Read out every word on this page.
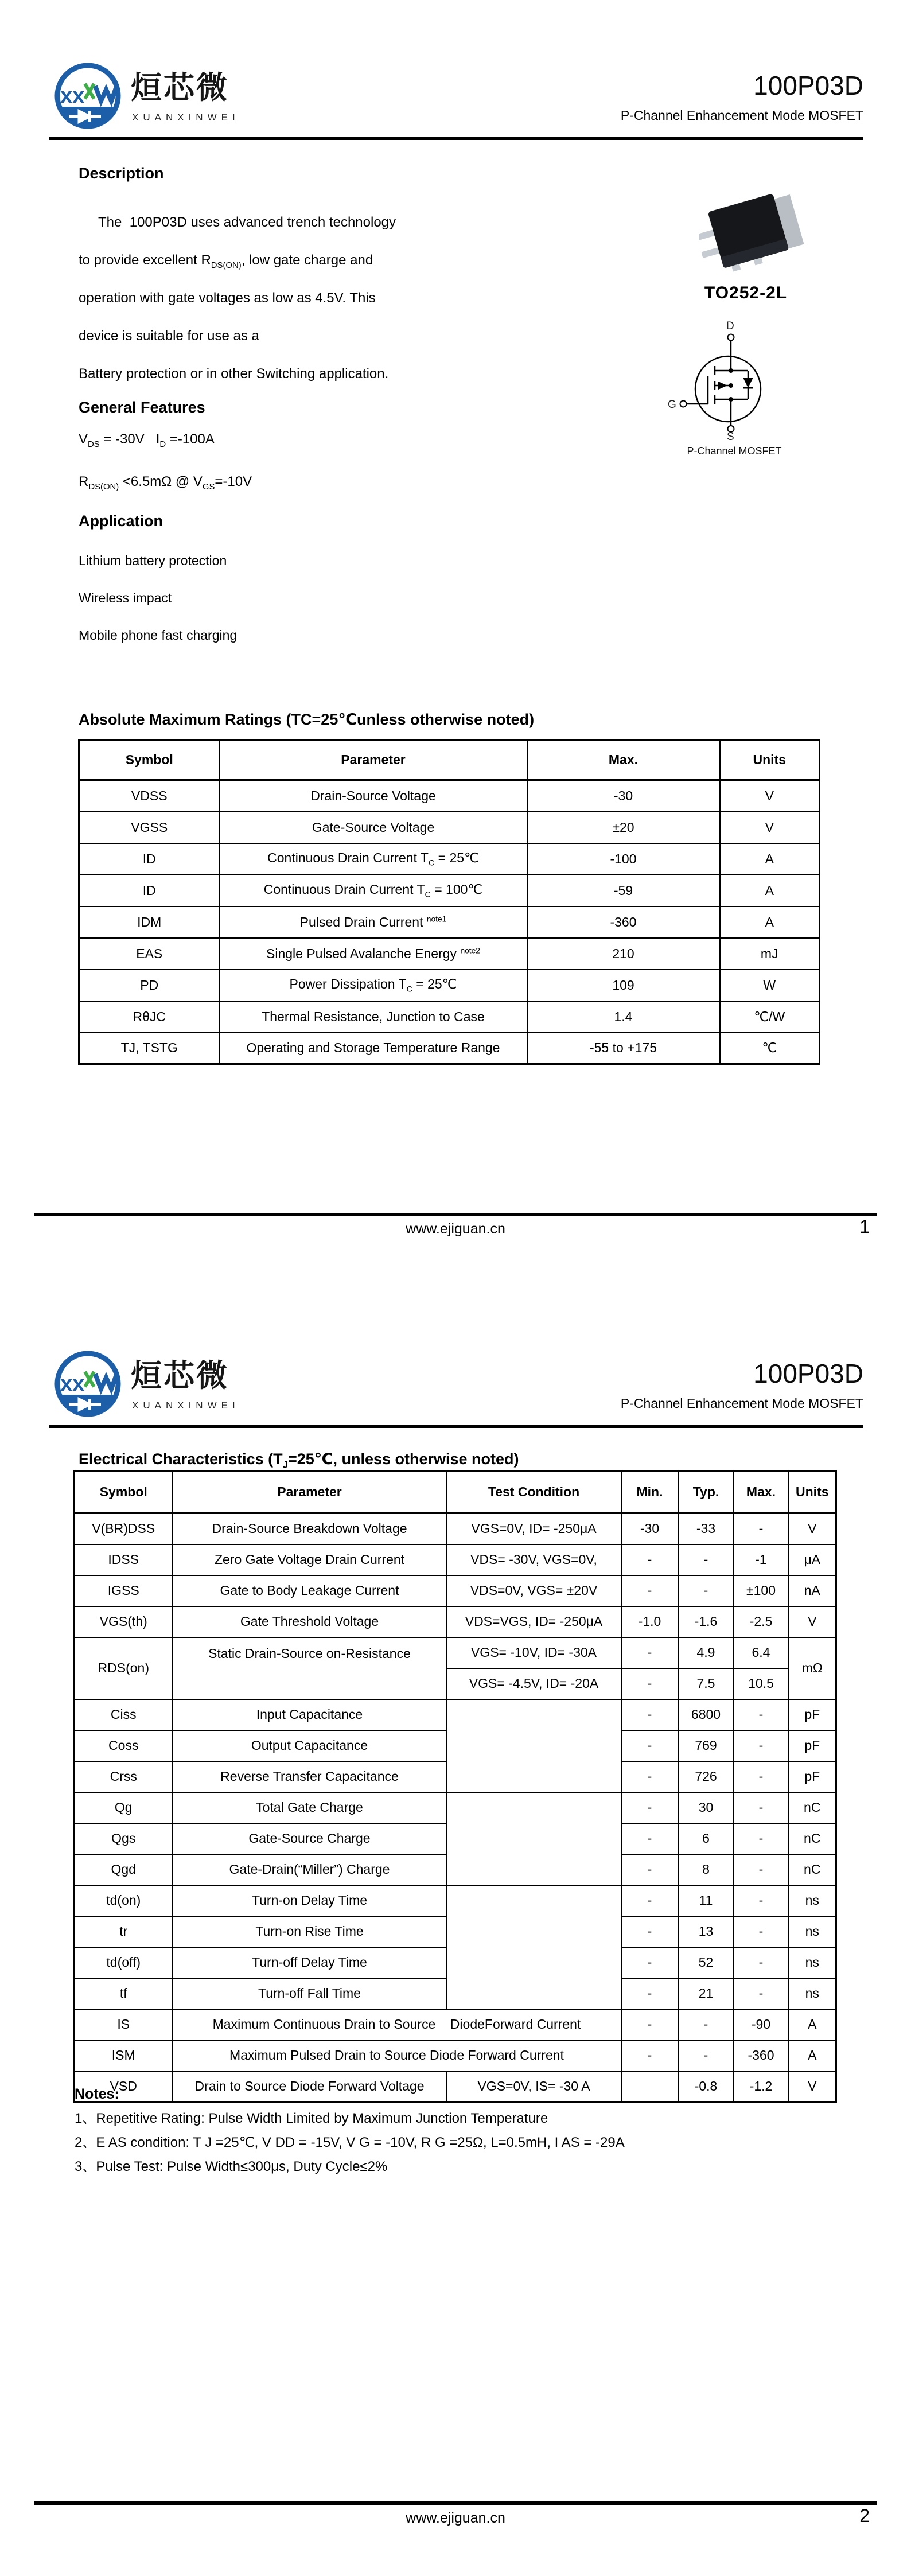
xx 烜芯微
XUANXINWEI
100P03D
P-Channel Enhancement Mode MOSFET
Description
The  100P03D uses advanced trench technology
to provide excellent $R_{DS(ON)}$, low gate charge and
operation with gate voltages as low as 4.5V. This
device is suitable for use as a
Battery protection or in other Switching application.
General Features
$V_{DS} = -30V$   $I_D =-100A$
$R_{DS(ON)} <6.5m\Omega$ @ $V_{GS}=-10V$
Application
Lithium battery protection
Wireless impact
Mobile phone fast charging
TO252-2L
D
G
S
P-Channel MOSFET
Absolute Maximum Ratings (TC=25℃unless otherwise noted)
Symbol	Parameter	Max.	Units
VDSS	Drain-Source Voltage	-30	V
VGSS	Gate-Source Voltage	±20	V
ID	Continuous Drain Current $T_C$ = 25℃	-100	A
ID	Continuous Drain Current $T_C$ = 100℃	-59	A
IDM	Pulsed Drain Current $^{note1}$	-360	A
EAS	Single Pulsed Avalanche Energy $^{note2}$	210	mJ
PD	Power Dissipation $T_C$ = 25℃	109	W
RθJC	Thermal Resistance, Junction to Case	1.4	℃/W
TJ, TSTG	Operating and Storage Temperature Range	-55 to +175	℃
www.ejiguan.cn	1
xx 烜芯微
XUANXINWEI
100P03D
P-Channel Enhancement Mode MOSFET
Electrical Characteristics ($T_J=25℃$, unless otherwise noted)
Symbol	Parameter	Test Condition	Min.	Typ.	Max.	Units
V(BR)DSS	Drain-Source Breakdown Voltage	VGS=0V, ID= -250μA	-30	-33	-	V
IDSS	Zero Gate Voltage Drain Current	VDS= -30V, VGS=0V,	-	-	-1	μA
IGSS	Gate to Body Leakage Current	VDS=0V, VGS= ±20V	-	-	±100	nA
VGS(th)	Gate Threshold Voltage	VDS=VGS, ID= -250μA	-1.0	-1.6	-2.5	V
RDS(on)	Static Drain-Source on-Resistance	VGS= -10V, ID= -30A	-	4.9	6.4	mΩ
		VGS= -4.5V, ID= -20A	-	7.5	10.5	
Ciss	Input Capacitance		-	6800	-	pF
Coss	Output Capacitance		-	769	-	pF
Crss	Reverse Transfer Capacitance		-	726	-	pF
Qg	Total Gate Charge		-	30	-	nC
Qgs	Gate-Source Charge		-	6	-	nC
Qgd	Gate-Drain(“Miller”) Charge		-	8	-	nC
td(on)	Turn-on Delay Time		-	11	-	ns
tr	Turn-on Rise Time		-	13	-	ns
td(off)	Turn-off Delay Time		-	52	-	ns
tf	Turn-off Fall Time		-	21	-	ns
IS	Maximum Continuous Drain to Source    DiodeForward Current		-	-	-90	A
ISM	Maximum Pulsed Drain to Source Diode Forward Current		-	-	-360	A
VSD	Drain to Source Diode Forward Voltage	VGS=0V, IS= -30 A		-0.8	-1.2	V
Notes:
1、Repetitive Rating: Pulse Width Limited by Maximum Junction Temperature
2、E AS condition: T J =25℃, V DD = -15V, V G = -10V, R G =25Ω, L=0.5mH, I AS = -29A
3、Pulse Test: Pulse Width≤300μs, Duty Cycle≤2%
www.ejiguan.cn	2
